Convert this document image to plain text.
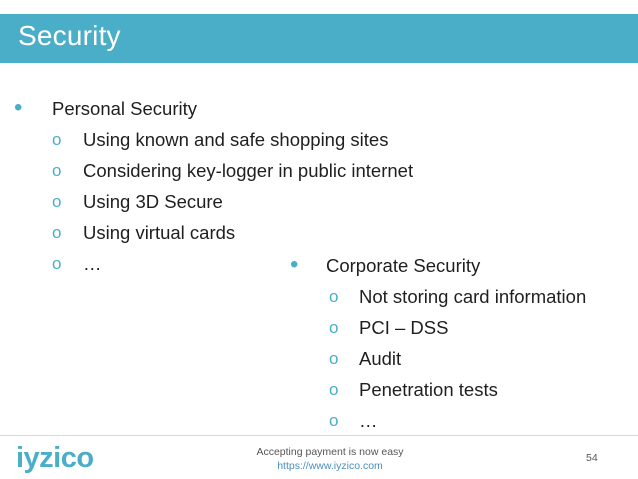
Security
• Personal Security
o Using known and safe shopping sites
o Considering key-logger in public internet
o Using 3D Secure
o Using virtual cards
o …	• Corporate Security
o Not storing card information
o PCI – DSS
o Audit
o Penetration tests
o …
iyzico	Accepting payment is now easy
https://www.iyzico.com
54
